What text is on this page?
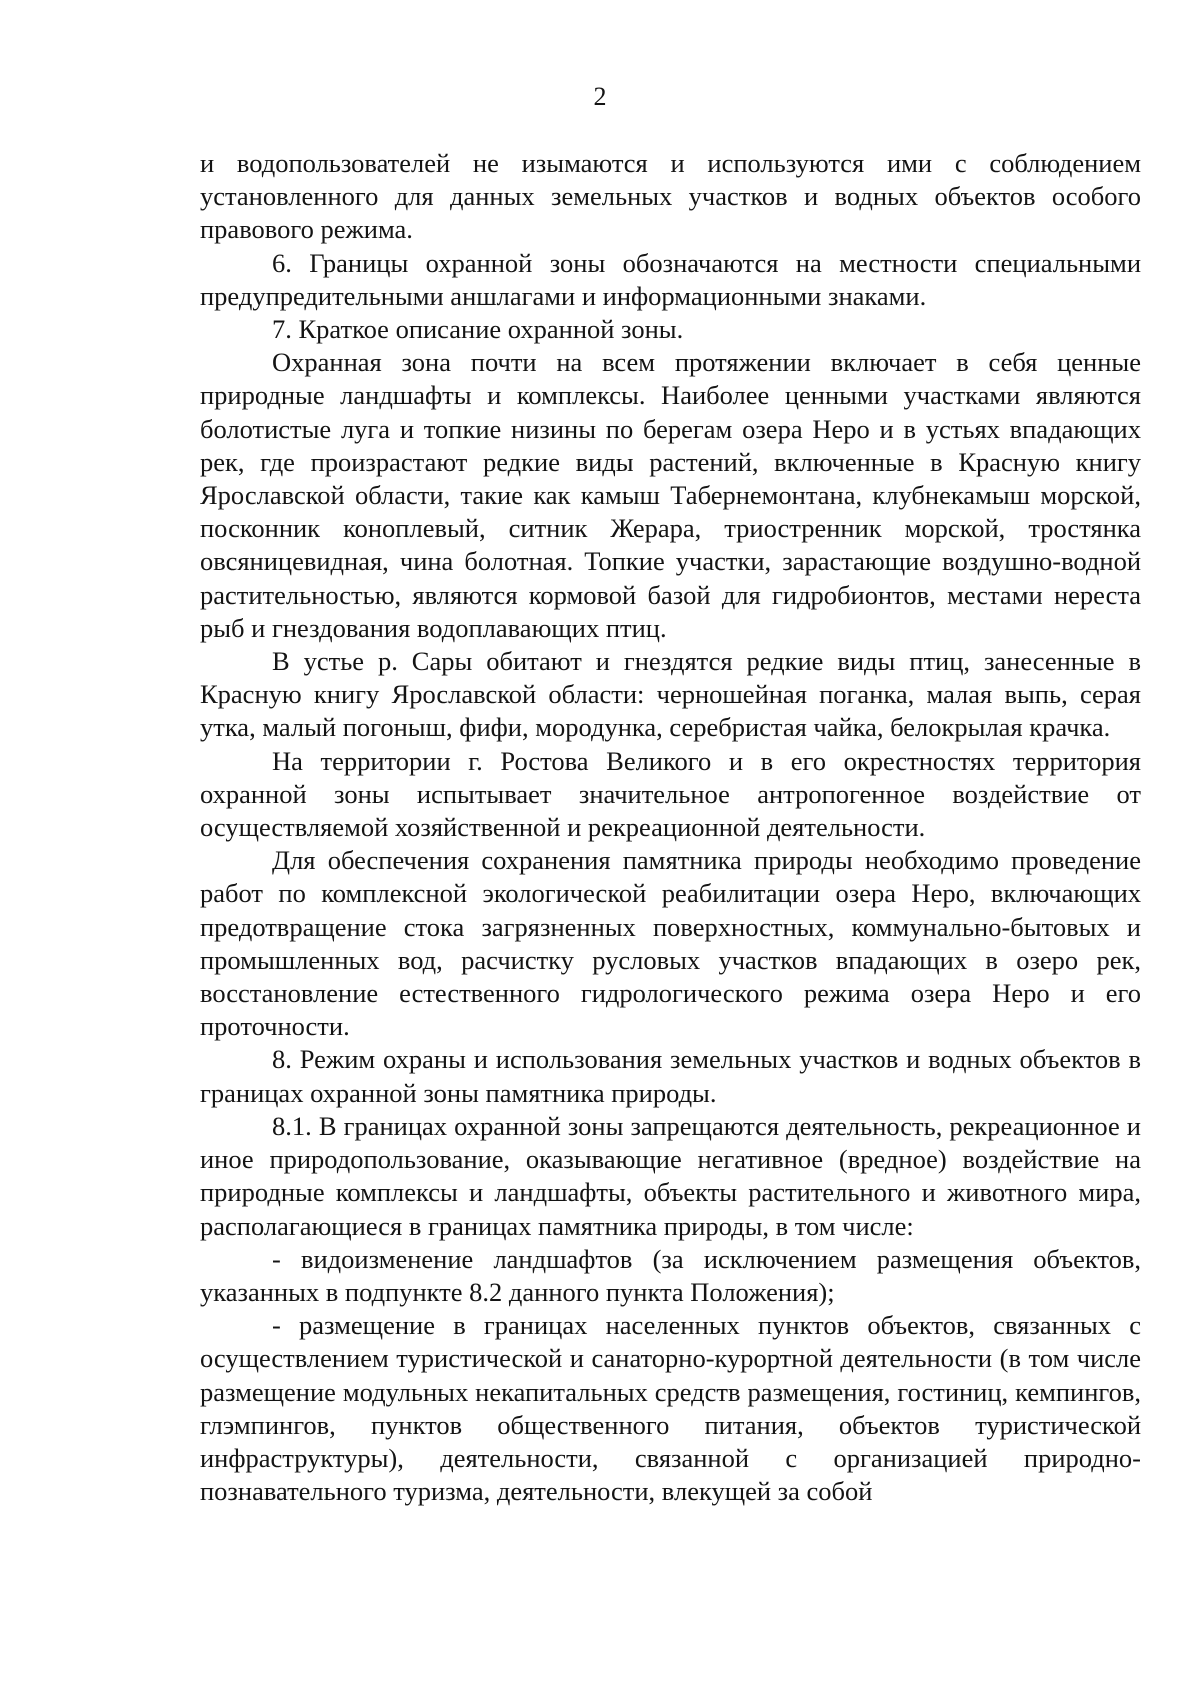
2

и водопользователей не изымаются и используются ими с соблюдением установленного для данных земельных участков и водных объектов особого правового режима.

6. Границы охранной зоны обозначаются на местности специальными предупредительными аншлагами и информационными знаками.

7. Краткое описание охранной зоны.

Охранная зона почти на всем протяжении включает в себя ценные природные ландшафты и комплексы. Наиболее ценными участками являются болотистые луга и топкие низины по берегам озера Неро и в устьях впадающих рек, где произрастают редкие виды растений, включенные в Красную книгу Ярославской области, такие как камыш Табернемонтана, клубнекамыш морской, посконник коноплевый, ситник Жерара, триостренник морской, тростянка овсяницевидная, чина болотная. Топкие участки, зарастающие воздушно-водной растительностью, являются кормовой базой для гидробионтов, местами нереста рыб и гнездования водоплавающих птиц.

В устье р. Сары обитают и гнездятся редкие виды птиц, занесенные в Красную книгу Ярославской области: черношейная поганка, малая выпь, серая утка, малый погоныш, фифи, мородунка, серебристая чайка, белокрылая крачка.

На территории г. Ростова Великого и в его окрестностях территория охранной зоны испытывает значительное антропогенное воздействие от осуществляемой хозяйственной и рекреационной деятельности.

Для обеспечения сохранения памятника природы необходимо проведение работ по комплексной экологической реабилитации озера Неро, включающих предотвращение стока загрязненных поверхностных, коммунально-бытовых и промышленных вод, расчистку русловых участков впадающих в озеро рек, восстановление естественного гидрологического режима озера Неро и его проточности.

8. Режим охраны и использования земельных участков и водных объектов в границах охранной зоны памятника природы.

8.1. В границах охранной зоны запрещаются деятельность, рекреационное и иное природопользование, оказывающие негативное (вредное) воздействие на природные комплексы и ландшафты, объекты растительного и животного мира, располагающиеся в границах памятника природы, в том числе:

- видоизменение ландшафтов (за исключением размещения объектов, указанных в подпункте 8.2 данного пункта Положения);

- размещение в границах населенных пунктов объектов, связанных с осуществлением туристической и санаторно-курортной деятельности (в том числе размещение модульных некапитальных средств размещения, гостиниц, кемпингов, глэмпингов, пунктов общественного питания, объектов туристической инфраструктуры), деятельности, связанной с организацией природно-познавательного туризма, деятельности, влекущей за собой
